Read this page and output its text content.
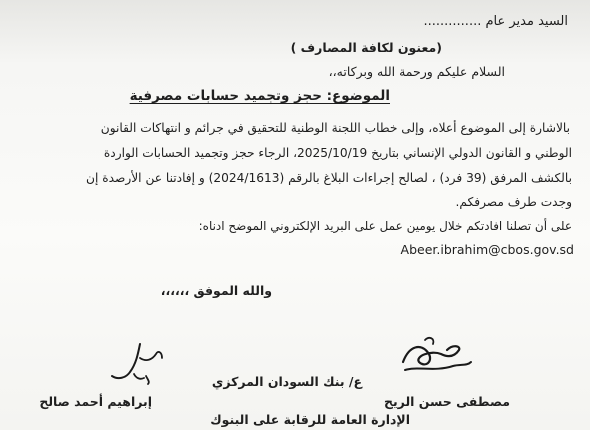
السيد مدير عام ..............
(معنون لكافة المصارف )
السلام عليكم ورحمة الله وبركاته،،
الموضوع: حجز وتجميد حسابات مصرفية
بالاشارة إلى الموضوع أعلاه، وإلى خطاب اللجنة الوطنية للتحقيق في جرائم و انتهاكات القانون
الوطني و القانون الدولي الإنساني بتاريخ 2025/10/19، الرجاء حجز وتجميد الحسابات الواردة
بالكشف المرفق (39 فرد) ، لصالح إجراءات البلاغ بالرقم (2024/1613) و إفادتنا عن الأرصدة إن
وجدت طرف مصرفكم.
على أن تصلنا افادتكم خلال يومين عمل على البريد الإلكتروني الموضح ادناه:
Abeer.ibrahim@cbos.gov.sd
والله الموفق ،،،،،،
ع/ بنك السودان المركزي
مصطفى حسن الريح
إبراهيم أحمد صالح
الإدارة العامة للرقابة على البنوك
